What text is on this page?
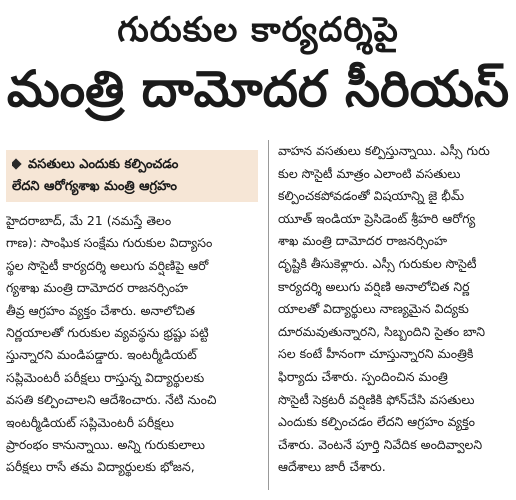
గురుకుల కార్యదర్శిపై
మంత్రి దామోదర సీరియస్
వసతులు ఎందుకు కల్పించడం
లేదని ఆరోగ్యశాఖ మంత్రి ఆగ్రహం
హైదరాబాద్, మే 21 (నమస్తే తెలం
గాణ): సాంఘిక సంక్షేమ గురుకుల విద్యాసం
స్థల సొసైటీ కార్యదర్శి అలుగు వర్షిణిపై ఆరో
గ్యశాఖ మంత్రి దామోదర రాజనర్సింహ
తీవ్ర ఆగ్రహం వ్యక్తం చేశారు. అనాలోచిత
నిర్ణయాలతో గురుకుల వ్యవస్థను భ్రష్టు పట్టి
స్తున్నారని మండిపడ్డారు. ఇంటర్మీడియట్
సప్లిమెంటరీ పరీక్షలు రాస్తున్న విద్యార్థులకు
వసతి కల్పించాలని ఆదేశించారు. నేటి నుంచి
ఇంటర్మీడియట్ సప్లిమెంటరీ పరీక్షలు
ప్రారంభం కానున్నాయి. అన్ని గురుకులాలు
పరీక్షలు రాసే తమ విద్యార్థులకు భోజన,
వాహన వసతులు కల్పిస్తున్నాయి. ఎస్సీ గురు
కుల సొసైటీ మాత్రం ఎలాంటి వసతులు
కల్పించకపోవడంతో విషయాన్ని జై భీమ్
యూత్ ఇండియా ప్రెసిడెంట్ శ్రీహరి ఆరోగ్య
శాఖ మంత్రి దామోదర రాజనర్సింహ
దృష్టికి తీసుకెళ్లారు. ఎస్సీ గురుకుల సొసైటీ
కార్యదర్శి అలుగు వర్షిణి అనాలోచిత నిర్ణ
యాలతో విద్యార్థులు నాణ్యమైన విద్యకు
దూరమవుతున్నారని, సిబ్బందిని సైతం బాని
సల కంటే హీనంగా చూస్తున్నారని మంత్రికి
ఫిర్యాదు చేశారు. స్పందించిన మంత్రి
సొసైటీ సెక్రటరీ వర్షిణికి ఫోన్‌చేసి వసతులు
ఎందుకు కల్పించడం లేదని ఆగ్రహం వ్యక్తం
చేశారు. వెంటనే పూర్తి నివేదిక అందివ్వాలని
ఆదేశాలు జారీ చేశారు.
